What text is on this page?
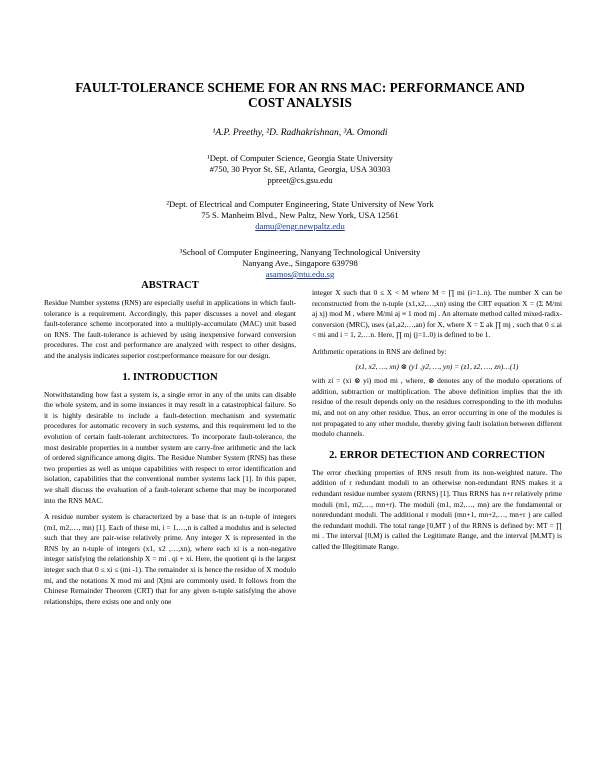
FAULT-TOLERANCE SCHEME FOR AN RNS MAC: PERFORMANCE AND COST ANALYSIS
¹A.P. Preethy, ²D. Radhakrishnan, ³A. Omondi
¹Dept. of Computer Science, Georgia State University
#750, 30 Pryor St. SE, Atlanta, Georgia, USA 30303
ppreet@cs.gsu.edu
²Dept. of Electrical and Computer Engineering, State University of New York
75 S. Manheim Blvd., New Paltz, New York, USA 12561
damu@engr.newpaltz.edu
³School of Computer Engineering, Nanyang Technological University
Nanyang Ave., Singapore 639798
asamos@ntu.edu.sg
ABSTRACT

Residue Number systems (RNS) are especially useful in applications in which fault-tolerance is a requirement. Accordingly, this paper discusses a novel and elegant fault-tolerance scheme incorporated into a multiply-accumulate (MAC) unit based on RNS. The fault-tolerance is achieved by using inexpensive forward conversion procedures. The cost and performance are analyzed with respect to other designs, and the analysis indicates superior cost:performance measure for our design.

1. INTRODUCTION

Notwithstanding how fast a system is, a single error in any of the units can disable the whole system, and in some instances it may result in a catastrophical failure. So it is highly desirable to include a fault-detection mechanism and systematic procedures for automatic recovery in such systems, and this requirement led to the evolution of certain fault-tolerant architectures. To incorporate fault-tolerance, the most desirable properties in a number system are carry-free arithmetic and the lack of ordered significance among digits. The Residue Number System (RNS) has these two properties as well as unique capabilities with respect to error identification and isolation, capabilities that the conventional number systems lack [1]. In this paper, we shall discuss the evaluation of a fault-tolerant scheme that may be incorporated into the RNS MAC.

A residue number system is characterized by a base that is an n-tuple of integers (m1, m2,…, mn) [1]. Each of these mi, i = 1,…,n is called a modulus and is selected such that they are pair-wise relatively prime. Any integer X is represented in the RNS by an n-tuple of integers (x1, x2 ,…,xn), where each xi is a non-negative integer satisfying the relationship X = mi . qi + xi. Here, the quotient qi is the largest integer such that 0 ≤ xi ≤ (mi -1). The remainder xi is hence the residue of X modulo mi, and the notations X mod mi and |X|mi are commonly used. It follows from the Chinese Remainder Theorem (CRT) that for any given n-tuple satisfying the above relationships, there exists one and only one

integer X such that 0 ≤ X < M where M = ∏ mi (i=1..n). The number X can be reconstructed from the n-tuple (x1,x2,…,xn) using the CRT equation X = (Σ M/mi aj xj) mod M , where M/mi aj ≡ 1 mod mj . An alternate method called mixed-radix-conversion (MRC), uses (a1,a2,…,an) for X, where X = Σ ak ∏ mj , such that 0 ≤ ai < mi and i = 1, 2,…n. Here, ∏ mj (j=1..0) is defined to be 1.

Arithmetic operations in RNS are defined by:

(x1, x2, …, xn) ⊗ (y1 ,y2, …, yn) = (z1, z2, …, zn)…(1)

with zi = (xi ⊗ yi) mod mi , where, ⊗ denotes any of the modulo operations of addition, subtraction or multiplication. The above definition implies that the ith residue of the result depends only on the residues corresponding to the ith modulus mi, and not on any other residue. Thus, an error occurring in one of the modules is not propagated to any other module, thereby giving fault isolation between different modulo channels.

2. ERROR DETECTION AND CORRECTION

The error checking properties of RNS result from its non-weighted nature. The addition of r redundant moduli to an otherwise non-redundant RNS makes it a redundant residue number system (RRNS) [1]. Thus RRNS has n+r relatively prime moduli (m1, m2,…, mn+r). The moduli (m1, m2,…, mn) are the fundamental or nonredundant moduli. The additional r moduli (mn+1, mn+2,…, mn+r ) are called the redundant moduli. The total range [0,MT ) of the RRNS is defined by: MT = ∏ mi . The interval [0,M) is called the Legitimate Range, and the interval [M,MT) is called the Illegitimate Range.
